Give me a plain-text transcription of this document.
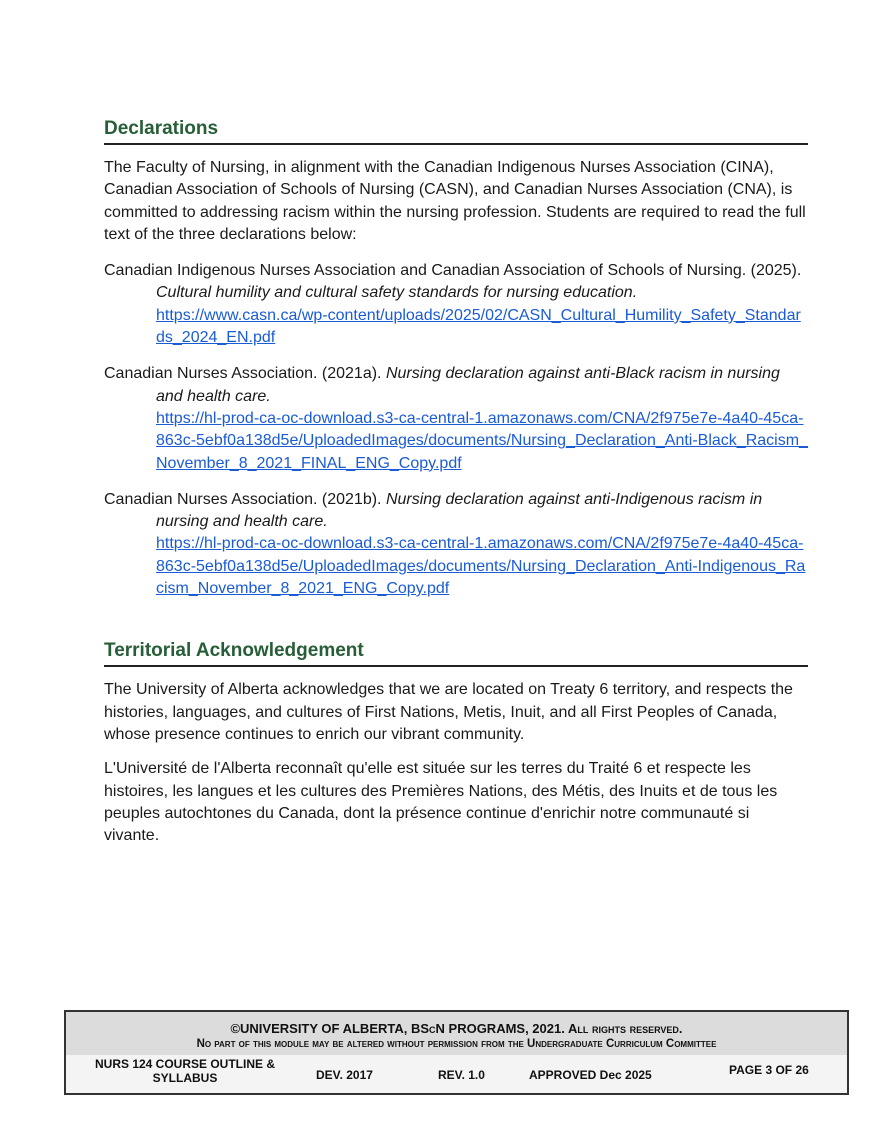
Declarations

The Faculty of Nursing, in alignment with the Canadian Indigenous Nurses Association (CINA), Canadian Association of Schools of Nursing (CASN), and Canadian Nurses Association (CNA), is committed to addressing racism within the nursing profession. Students are required to read the full text of the three declarations below:

Canadian Indigenous Nurses Association and Canadian Association of Schools of Nursing. (2025). Cultural humility and cultural safety standards for nursing education.
https://www.casn.ca/wp-content/uploads/2025/02/CASN_Cultural_Humility_Safety_Standards_2024_EN.pdf

Canadian Nurses Association. (2021a). Nursing declaration against anti-Black racism in nursing and health care.
https://hl-prod-ca-oc-download.s3-ca-central-1.amazonaws.com/CNA/2f975e7e-4a40-45ca-863c-5ebf0a138d5e/UploadedImages/documents/Nursing_Declaration_Anti-Black_Racism_November_8_2021_FINAL_ENG_Copy.pdf

Canadian Nurses Association. (2021b). Nursing declaration against anti-Indigenous racism in nursing and health care.
https://hl-prod-ca-oc-download.s3-ca-central-1.amazonaws.com/CNA/2f975e7e-4a40-45ca-863c-5ebf0a138d5e/UploadedImages/documents/Nursing_Declaration_Anti-Indigenous_Racism_November_8_2021_ENG_Copy.pdf

Territorial Acknowledgement

The University of Alberta acknowledges that we are located on Treaty 6 territory, and respects the histories, languages, and cultures of First Nations, Metis, Inuit, and all First Peoples of Canada, whose presence continues to enrich our vibrant community.

L'Université de l'Alberta reconnaît qu'elle est située sur les terres du Traité 6 et respecte les histoires, les langues et les cultures des Premières Nations, des Métis, des Inuits et de tous les peuples autochtones du Canada, dont la présence continue d'enrichir notre communauté si vivante.

©UNIVERSITY OF ALBERTA, BScN PROGRAMS, 2021. All rights reserved.
No part of this module may be altered without permission from the Undergraduate Curriculum Committee
NURS 124 COURSE OUTLINE & SYLLABUS	DEV. 2017	REV. 1.0	APPROVED Dec 2025	PAGE 3 OF 26
